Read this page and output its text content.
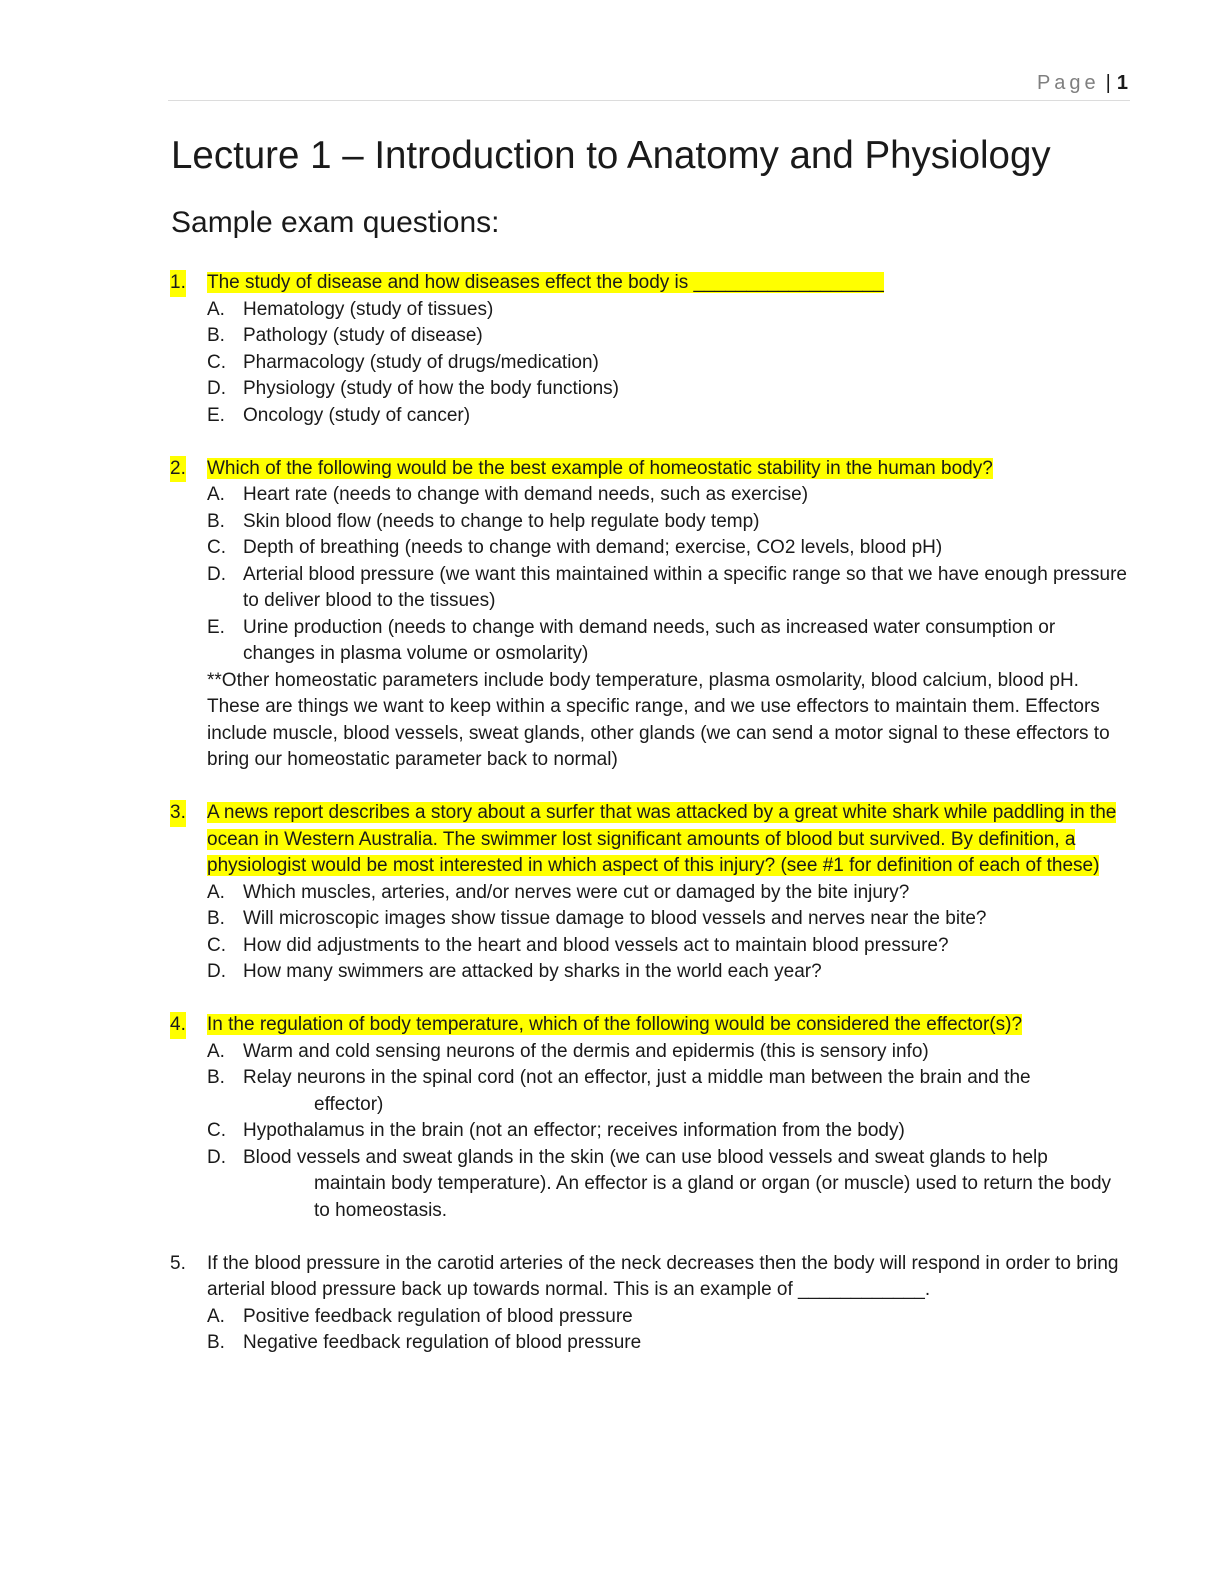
Page | 1
Lecture 1 – Introduction to Anatomy and Physiology
Sample exam questions:
1. The study of disease and how diseases effect the body is __________________
A. Hematology (study of tissues)
B. Pathology (study of disease)
C. Pharmacology (study of drugs/medication)
D. Physiology (study of how the body functions)
E. Oncology (study of cancer)
2. Which of the following would be the best example of homeostatic stability in the human body?
A. Heart rate (needs to change with demand needs, such as exercise)
B. Skin blood flow (needs to change to help regulate body temp)
C. Depth of breathing (needs to change with demand; exercise, CO2 levels, blood pH)
D. Arterial blood pressure (we want this maintained within a specific range so that we have enough pressure to deliver blood to the tissues)
E. Urine production (needs to change with demand needs, such as increased water consumption or changes in plasma volume or osmolarity)

**Other homeostatic parameters include body temperature, plasma osmolarity, blood calcium, blood pH. These are things we want to keep within a specific range, and we use effectors to maintain them. Effectors include muscle, blood vessels, sweat glands, other glands (we can send a motor signal to these effectors to bring our homeostatic parameter back to normal)

3. A news report describes a story about a surfer that was attacked by a great white shark while paddling in the ocean in Western Australia. The swimmer lost significant amounts of blood but survived. By definition, a physiologist would be most interested in which aspect of this injury? (see #1 for definition of each of these)
A. Which muscles, arteries, and/or nerves were cut or damaged by the bite injury?
B. Will microscopic images show tissue damage to blood vessels and nerves near the bite?
C. How did adjustments to the heart and blood vessels act to maintain blood pressure?
D. How many swimmers are attacked by sharks in the world each year?
4. In the regulation of body temperature, which of the following would be considered the effector(s)?
A. Warm and cold sensing neurons of the dermis and epidermis (this is sensory info)
B. Relay neurons in the spinal cord (not an effector, just a middle man between the brain and the
effector)
C. Hypothalamus in the brain (not an effector; receives information from the body)
D. Blood vessels and sweat glands in the skin (we can use blood vessels and sweat glands to help
maintain body temperature). An effector is a gland or organ (or muscle) used to return the body to homeostasis.
5. If the blood pressure in the carotid arteries of the neck decreases then the body will respond in order to bring arterial blood pressure back up towards normal. This is an example of ____________.
A. Positive feedback regulation of blood pressure
B. Negative feedback regulation of blood pressure
